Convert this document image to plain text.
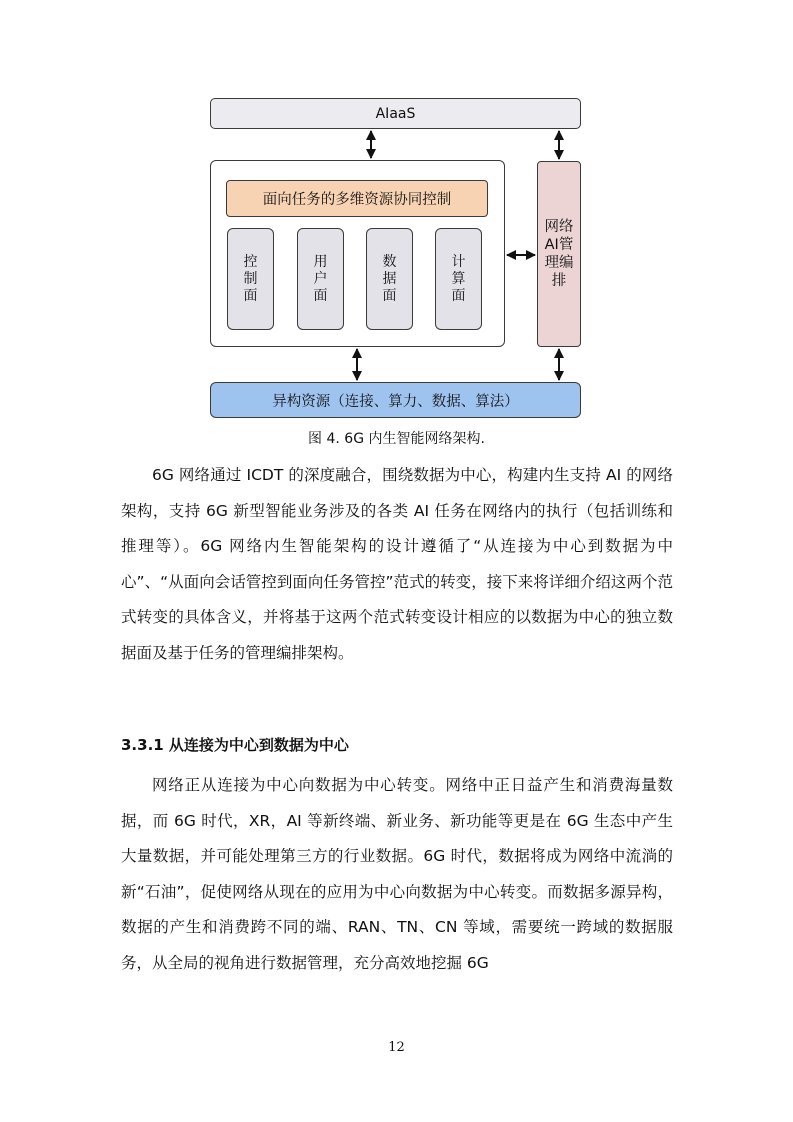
AIaaS
面向任务的多维资源协同控制
控制面
用户面
数据面
计算面
网络AI管理编排
异构资源（连接、算力、数据、算法）
图 4. 6G 内生智能网络架构.
6G 网络通过 ICDT 的深度融合，围绕数据为中心，构建内生支持 AI 的网络架构，支持 6G 新型智能业务涉及的各类 AI 任务在网络内的执行（包括训练和推理等）。6G 网络内生智能架构的设计遵循了“从连接为中心到数据为中心”、“从面向会话管控到面向任务管控”范式的转变，接下来将详细介绍这两个范式转变的具体含义，并将基于这两个范式转变设计相应的以数据为中心的独立数据面及基于任务的管理编排架构。
3.3.1 从连接为中心到数据为中心
网络正从连接为中心向数据为中心转变。网络中正日益产生和消费海量数据，而 6G 时代，XR，AI 等新终端、新业务、新功能等更是在 6G 生态中产生大量数据，并可能处理第三方的行业数据。6G 时代，数据将成为网络中流淌的新“石油”，促使网络从现在的应用为中心向数据为中心转变。而数据多源异构，数据的产生和消费跨不同的端、RAN、TN、CN 等域，需要统一跨域的数据服务，从全局的视角进行数据管理，充分高效地挖掘 6G
12
